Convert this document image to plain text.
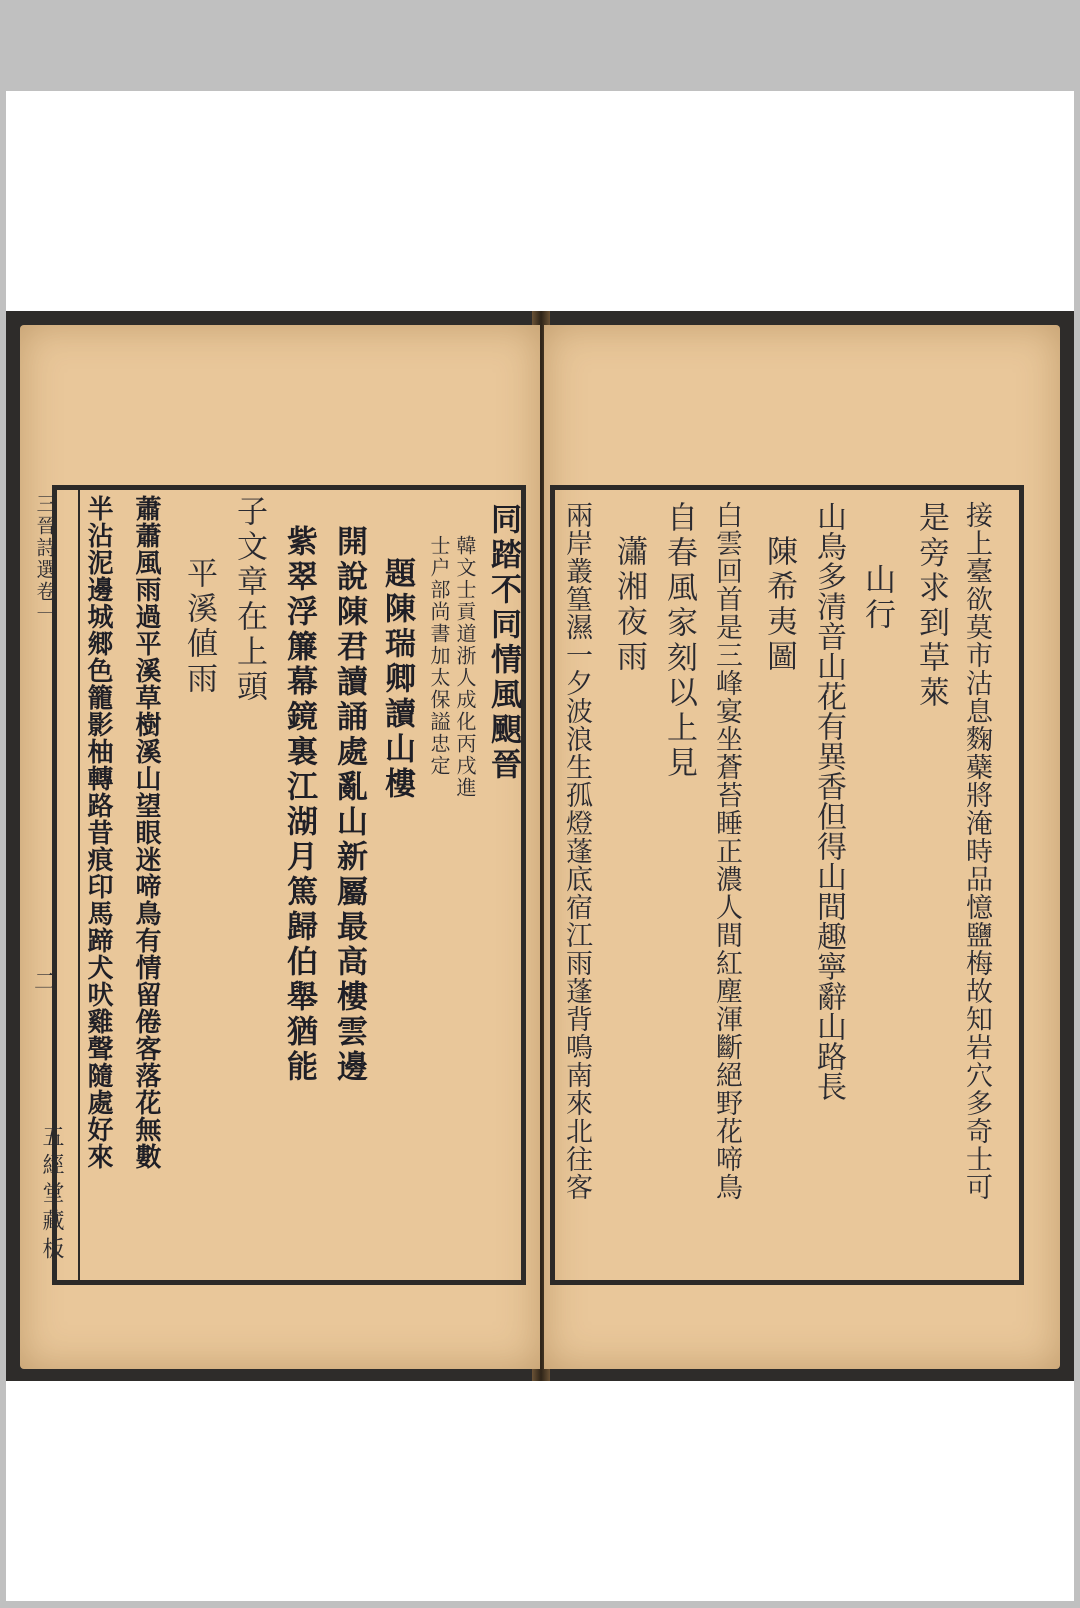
三晉詩選卷一
二
五經堂藏板
同踏不同情風𩗗晉
韓文士貢道浙人成化丙戌進
士户部尚書加太保謚忠定
題陳瑞卿讀山樓
開說陳君讀誦處亂山新屬最高樓雲邊
紫翠浮簾幕鏡裏江湖月篤歸伯舉猶能
子文章在上頭
平溪値雨
蕭蕭風雨過平溪草樹溪山望眼迷啼鳥有情留倦客落花無數
半沾泥邊城郷色籠影柚轉路昔痕印馬蹄犬吠雞聲隨處好來	接上臺欲莫市沽息麴蘗將淹時品憶鹽梅故知岩穴多奇士可
是旁求到草萊
山行
山鳥多清音山花有異香但得山間趣寧辭山路長
陳希夷圖
白雲回首是三峰宴坐蒼苔睡正濃人間紅塵渾斷絕野花啼鳥
自春風家刻以上見
瀟湘夜雨
兩岸叢篁濕一夕波浪生孤燈蓬底宿江雨蓬背鳴南來北往客
